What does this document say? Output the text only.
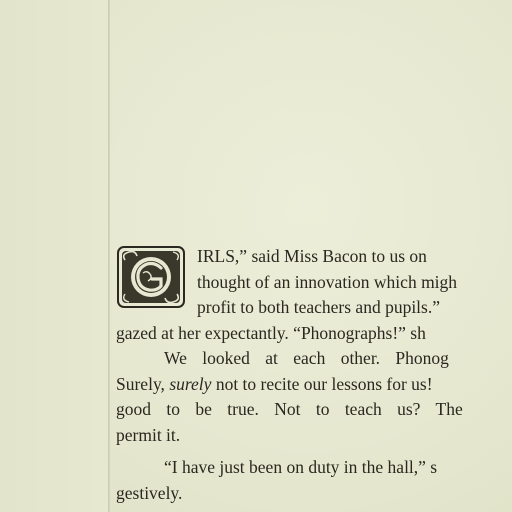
IRLS,” said Miss Bacon to us on
thought of an innovation which migh
profit to both teachers and pupils.”
gazed at her expectantly. “Phonographs!” sh
We looked at each other. Phonog
Surely, surely not to recite our lessons for us!
good to be true. Not to teach us? The
permit it.
“I have just been on duty in the hall,” s
gestively.
